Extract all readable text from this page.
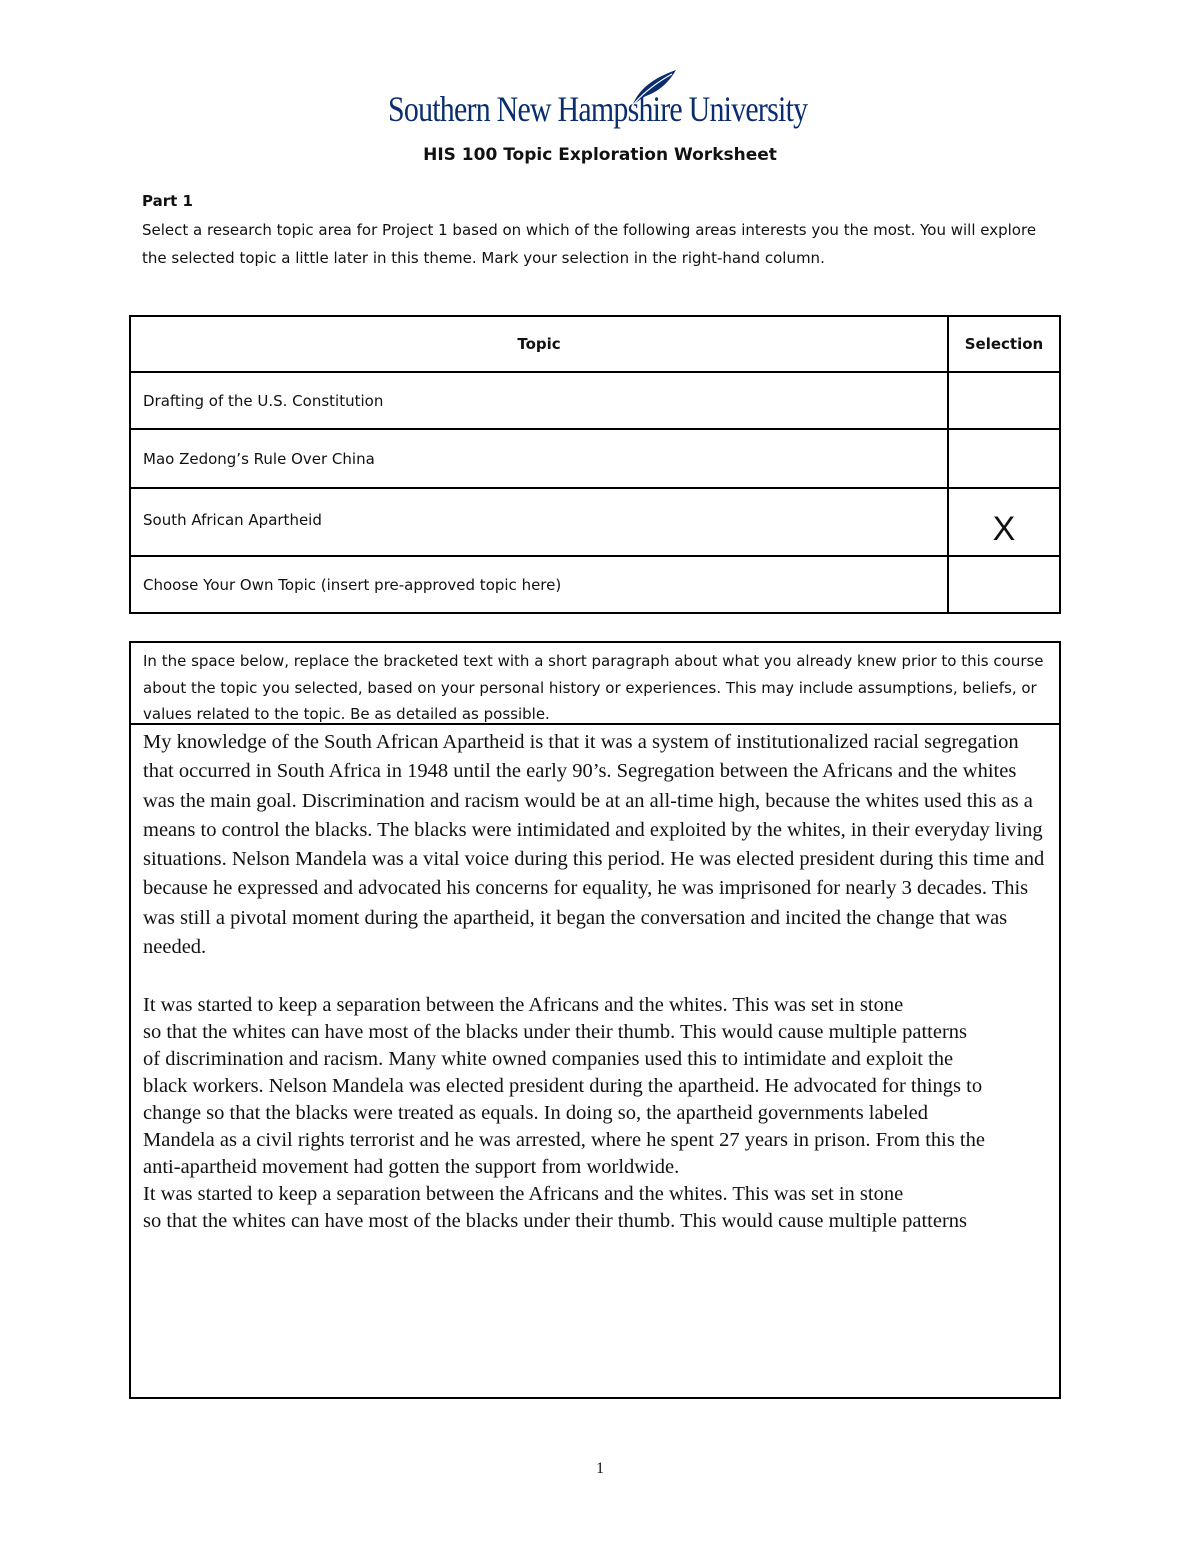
Southern New Hampshire University
HIS 100 Topic Exploration Worksheet
Part 1
Select a research topic area for Project 1 based on which of the following areas interests you the most. You will explore the selected topic a little later in this theme. Mark your selection in the right-hand column.
Topic	Selection
Drafting of the U.S. Constitution	
Mao Zedong’s Rule Over China	
South African Apartheid	X
Choose Your Own Topic (insert pre-approved topic here)	
In the space below, replace the bracketed text with a short paragraph about what you already knew prior to this course about the topic you selected, based on your personal history or experiences. This may include assumptions, beliefs, or values related to the topic. Be as detailed as possible.

My knowledge of the South African Apartheid is that it was a system of institutionalized racial segregation that occurred in South Africa in 1948 until the early 90’s. Segregation between the Africans and the whites was the main goal. Discrimination and racism would be at an all-time high, because the whites used this as a means to control the blacks. The blacks were intimidated and exploited by the whites, in their everyday living situations. Nelson Mandela was a vital voice during this period. He was elected president during this time and because he expressed and advocated his concerns for equality, he was imprisoned for nearly 3 decades. This was still a pivotal moment during the apartheid, it began the conversation and incited the change that was needed.

It was started to keep a separation between the Africans and the whites. This was set in stone

so that the whites can have most of the blacks under their thumb. This would cause multiple patterns

of discrimination and racism. Many white owned companies used this to intimidate and exploit the

black workers. Nelson Mandela was elected president during the apartheid. He advocated for things to

change so that the blacks were treated as equals. In doing so, the apartheid governments labeled

Mandela as a civil rights terrorist and he was arrested, where he spent 27 years in prison. From this the

anti-apartheid movement had gotten the support from worldwide.

It was started to keep a separation between the Africans and the whites. This was set in stone

so that the whites can have most of the blacks under their thumb. This would cause multiple patterns

1
